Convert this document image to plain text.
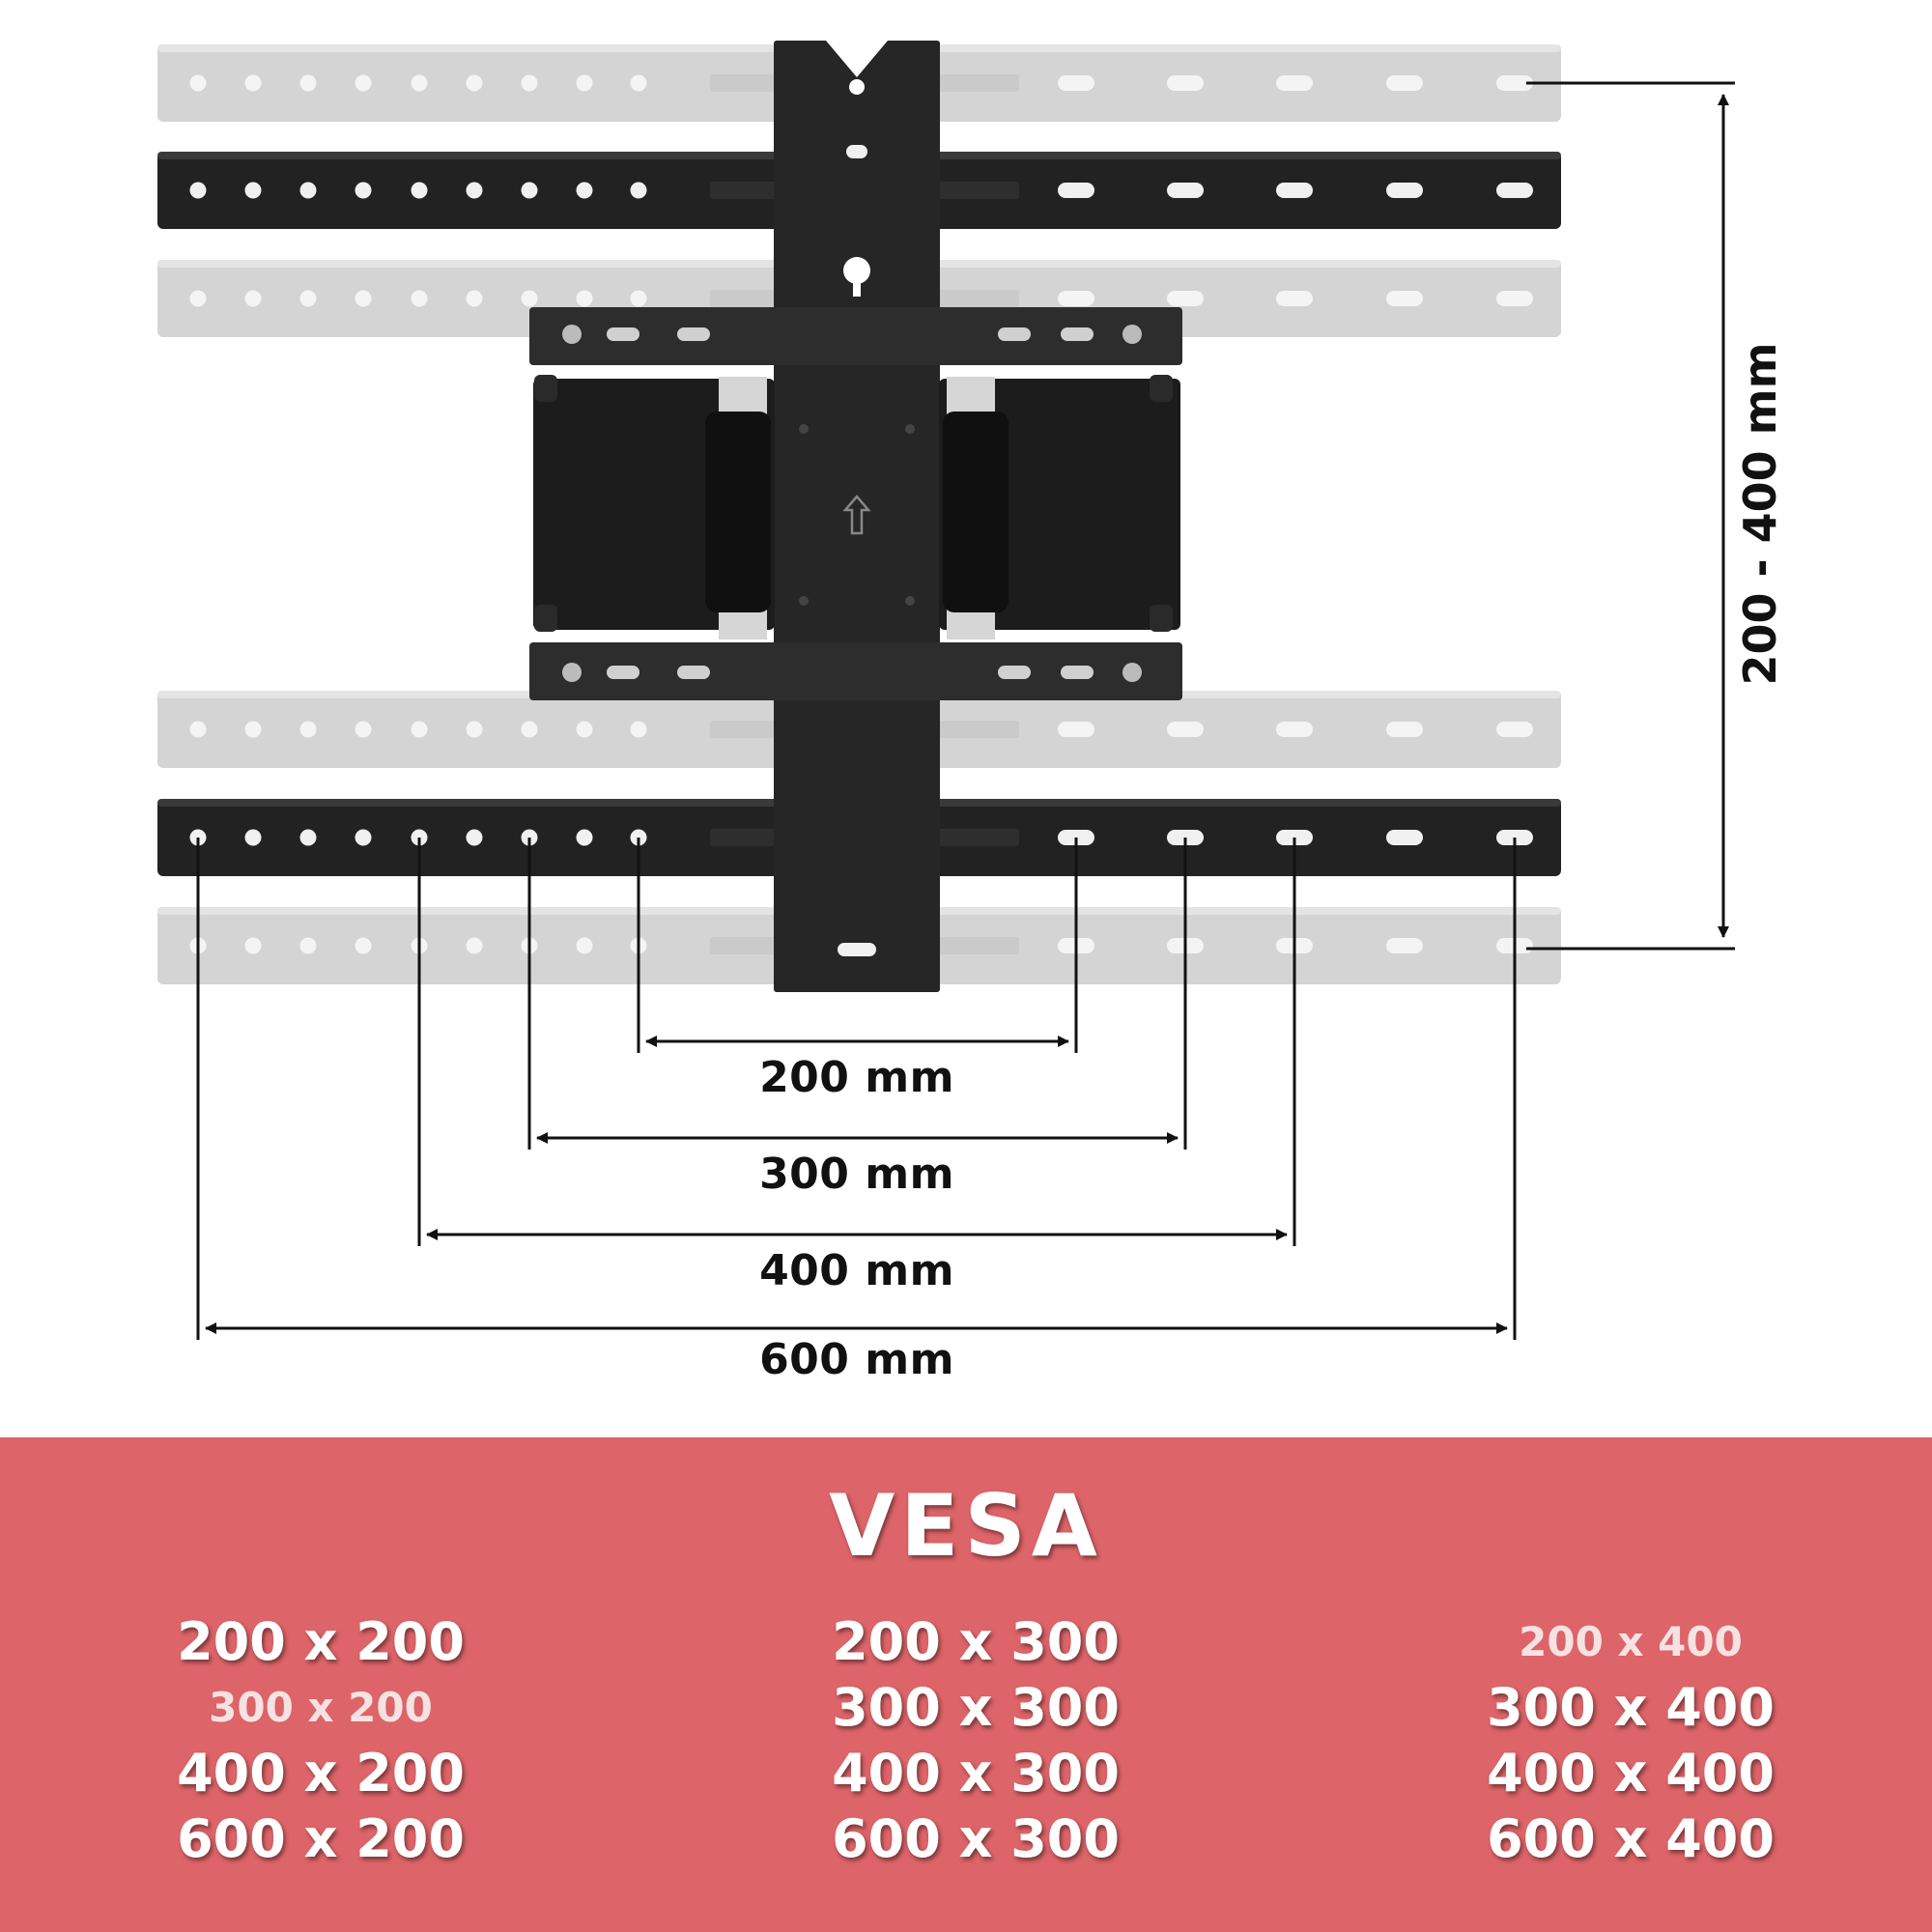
200 mm
300 mm
400 mm
600 mm
200 - 400 mm
VESA
200 x 200
300 x 200
400 x 200
600 x 200
200 x 300
300 x 300
400 x 300
600 x 300
200 x 400
300 x 400
400 x 400
600 x 400
